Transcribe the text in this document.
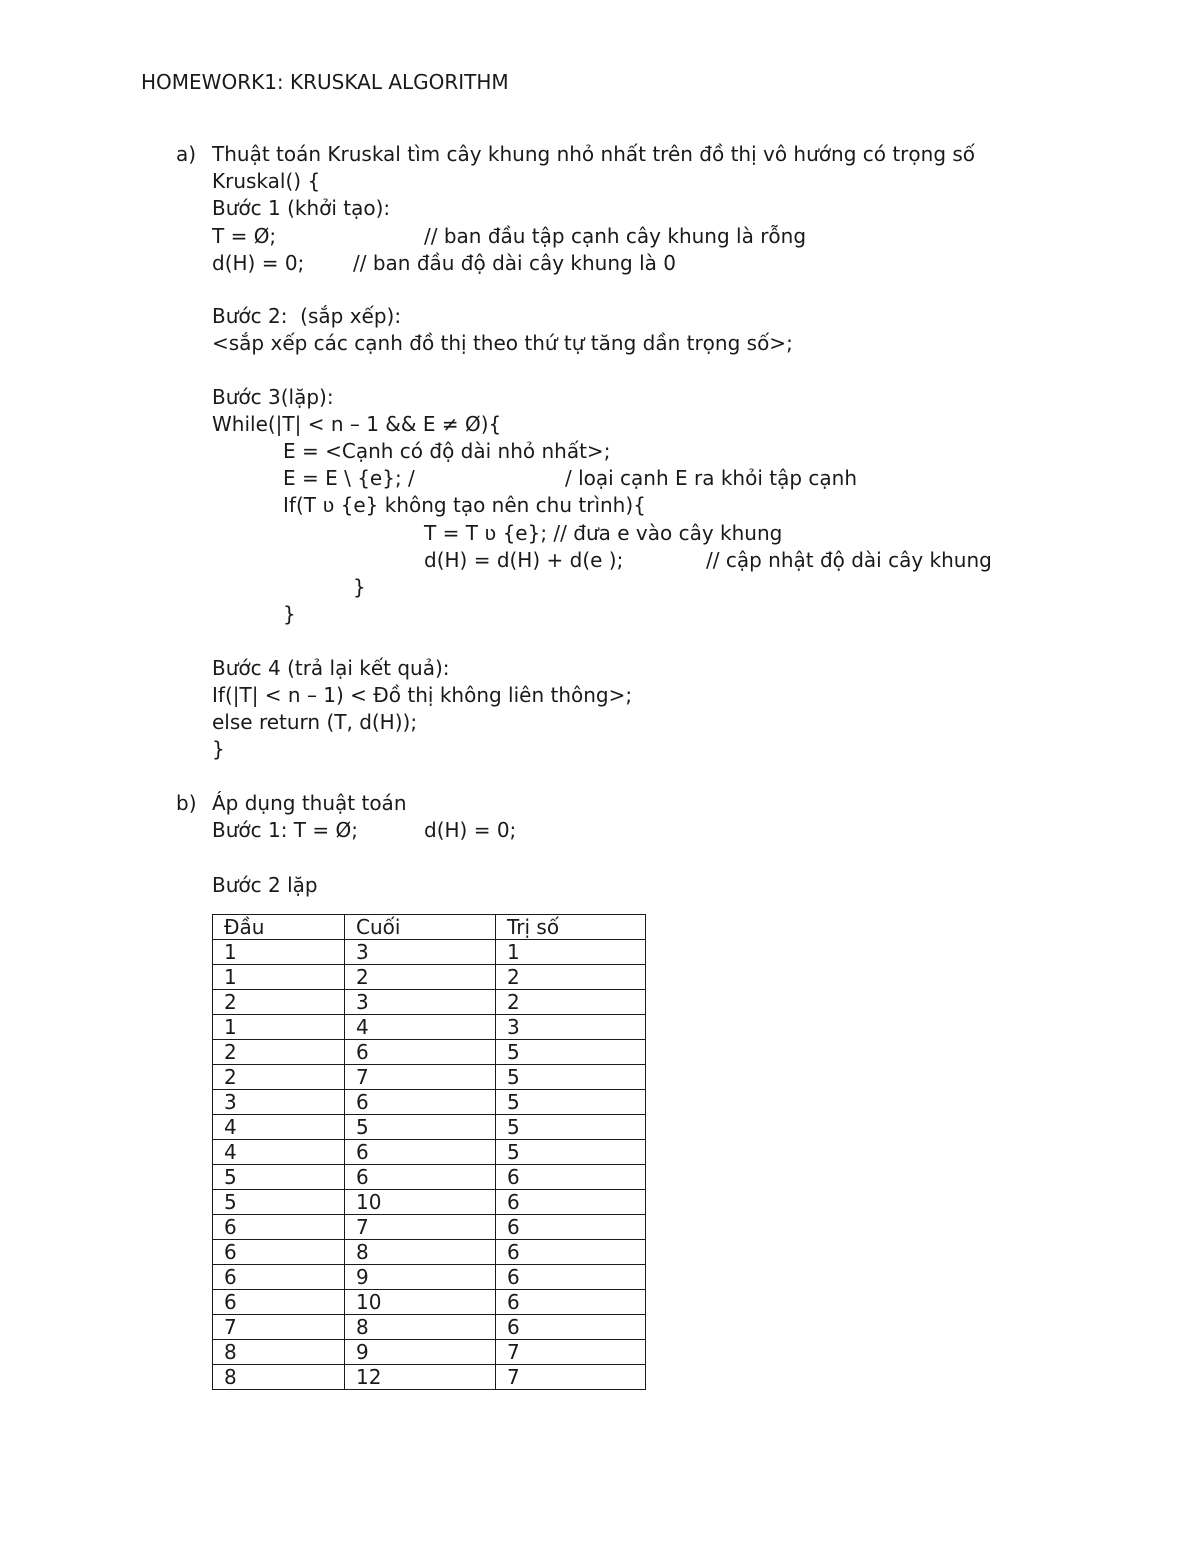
HOMEWORK1: KRUSKAL ALGORITHM
a) Thuật toán Kruskal tìm cây khung nhỏ nhất trên đồ thị vô hướng có trọng số
Kruskal() {
Bước 1 (khởi tạo):
T = Ø;	// ban đầu tập cạnh cây khung là rỗng
d(H) = 0; // ban đầu độ dài cây khung là 0
Bước 2:  (sắp xếp):
<sắp xếp các cạnh đồ thị theo thứ tự tăng dần trọng số>;
Bước 3(lặp):
While(|T| < n – 1 && E ≠ Ø){
E = <Cạnh có độ dài nhỏ nhất>;
E = E \ {e}; /	/ loại cạnh E ra khỏi tập cạnh
If(T ʋ {e} không tạo nên chu trình){
T = T ʋ {e}; // đưa e vào cây khung
d(H) = d(H) + d(e );	// cập nhật độ dài cây khung
}
}
Bước 4 (trả lại kết quả):
If(|T| < n – 1) < Đồ thị không liên thông>;
else return (T, d(H));
}
b) Áp dụng thuật toán
Bước 1: T = Ø;	d(H) = 0;
Bước 2 lặp
Đầu	Cuối	Trị số
1	3	1
1	2	2
2	3	2
1	4	3
2	6	5
2	7	5
3	6	5
4	5	5
4	6	5
5	6	6
5	10	6
6	7	6
6	8	6
6	9	6
6	10	6
7	8	6
8	9	7
8	12	7
